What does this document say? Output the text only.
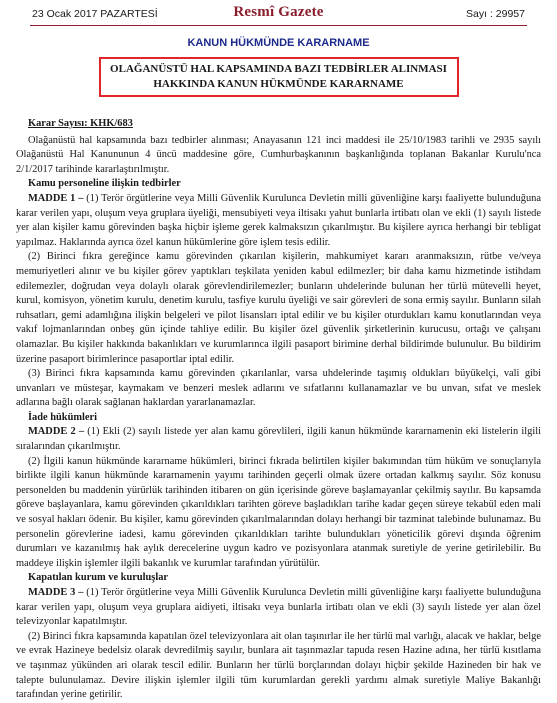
23 Ocak 2017 PAZARTESİ	Resmî Gazete	Sayı : 29957
KANUN HÜKMÜNDE KARARNAME
OLAĞANÜSTÜ HAL KAPSAMINDA BAZI TEDBİRLER ALINMASI
HAKKINDA KANUN HÜKMÜNDE KARARNAME

Karar Sayısı: KHK/683

Olağanüstü hal kapsamında bazı tedbirler alınması; Anayasanın 121 inci maddesi ile 25/10/1983 tarihli ve 2935 sayılı Olağanüstü Hal Kanununun 4 üncü maddesine göre, Cumhurbaşkanının başkanlığında toplanan Bakanlar Kurulu'nca 2/1/2017 tarihinde kararlaştırılmıştır.

Kamu personeline ilişkin tedbirler

MADDE 1 – (1) Terör örgütlerine veya Milli Güvenlik Kurulunca Devletin milli güvenliğine karşı faaliyette bulunduğuna karar verilen yapı, oluşum veya gruplara üyeliği, mensubiyeti veya iltisakı yahut bunlarla irtibatı olan ve ekli (1) sayılı listede yer alan kişiler kamu görevinden başka hiçbir işleme gerek kalmaksızın çıkarılmıştır. Bu kişilere ayrıca herhangi bir tebligat yapılmaz. Haklarında ayrıca özel kanun hükümlerine göre işlem tesis edilir.

(2) Birinci fıkra gereğince kamu görevinden çıkarılan kişilerin, mahkumiyet kararı aranmaksızın, rütbe ve/veya memuriyetleri alınır ve bu kişiler görev yaptıkları teşkilata yeniden kabul edilmezler; bir daha kamu hizmetinde istihdam edilemezler, doğrudan veya dolaylı olarak görevlendirilemezler; bunların uhdelerinde bulunan her türlü mütevelli heyet, kurul, komisyon, yönetim kurulu, denetim kurulu, tasfiye kurulu üyeliği ve sair görevleri de sona ermiş sayılır. Bunların silah ruhsatları, gemi adamlığına ilişkin belgeleri ve pilot lisansları iptal edilir ve bu kişiler oturdukları kamu konutlarından veya vakıf lojmanlarından onbeş gün içinde tahliye edilir. Bu kişiler özel güvenlik şirketlerinin kurucusu, ortağı ve çalışanı olamazlar. Bu kişiler hakkında bakanlıkları ve kurumlarınca ilgili pasaport birimine derhal bildirimde bulunulur. Bu bildirim üzerine pasaport birimlerince pasaportlar iptal edilir.

(3) Birinci fıkra kapsamında kamu görevinden çıkarılanlar, varsa uhdelerinde taşımış oldukları büyükelçi, vali gibi unvanları ve müsteşar, kaymakam ve benzeri meslek adlarını ve sıfatlarını kullanamazlar ve bu unvan, sıfat ve meslek adlarına bağlı olarak sağlanan haklardan yararlanamazlar.

İade hükümleri

MADDE 2 – (1) Ekli (2) sayılı listede yer alan kamu görevlileri, ilgili kanun hükmünde kararnamenin eki listelerin ilgili sıralarından çıkarılmıştır.

(2) İlgili kanun hükmünde kararname hükümleri, birinci fıkrada belirtilen kişiler bakımından tüm hüküm ve sonuçlarıyla birlikte ilgili kanun hükmünde kararnamenin yayımı tarihinden geçerli olmak üzere ortadan kalkmış sayılır. Söz konusu personelden bu maddenin yürürlük tarihinden itibaren on gün içerisinde göreve başlamayanlar çekilmiş sayılır. Bu kapsamda göreve başlayanlara, kamu görevinden çıkarıldıkları tarihten göreve başladıkları tarihe kadar geçen süreye tekabül eden mali ve sosyal hakları ödenir. Bu kişiler, kamu görevinden çıkarılmalarından dolayı herhangi bir tazminat talebinde bulunamaz. Bu personelin görevlerine iadesi, kamu görevinden çıkarıldıkları tarihte bulundukları yöneticilik görevi dışında öğrenim durumları ve kazanılmış hak aylık derecelerine uygun kadro ve pozisyonlara atanmak suretiyle de yerine getirilebilir. Bu maddeye ilişkin işlemler ilgili bakanlık ve kurumlar tarafından yürütülür.

Kapatılan kurum ve kuruluşlar

MADDE 3 – (1) Terör örgütlerine veya Milli Güvenlik Kurulunca Devletin milli güvenliğine karşı faaliyette bulunduğuna karar verilen yapı, oluşum veya gruplara aidiyeti, iltisakı veya bunlarla irtibatı olan ve ekli (3) sayılı listede yer alan özel televizyonlar kapatılmıştır.

(2) Birinci fıkra kapsamında kapatılan özel televizyonlara ait olan taşınırlar ile her türlü mal varlığı, alacak ve haklar, belge ve evrak Hazineye bedelsiz olarak devredilmiş sayılır, bunlara ait taşınmazlar tapuda resen Hazine adına, her türlü kısıtlama ve taşınmaz yükünden ari olarak tescil edilir. Bunların her türlü borçlarından dolayı hiçbir şekilde Hazineden bir hak ve talepte bulunulamaz. Devire ilişkin işlemler ilgili tüm kurumlardan gerekli yardımı almak suretiyle Maliye Bakanlığı tarafından yerine getirilir.
